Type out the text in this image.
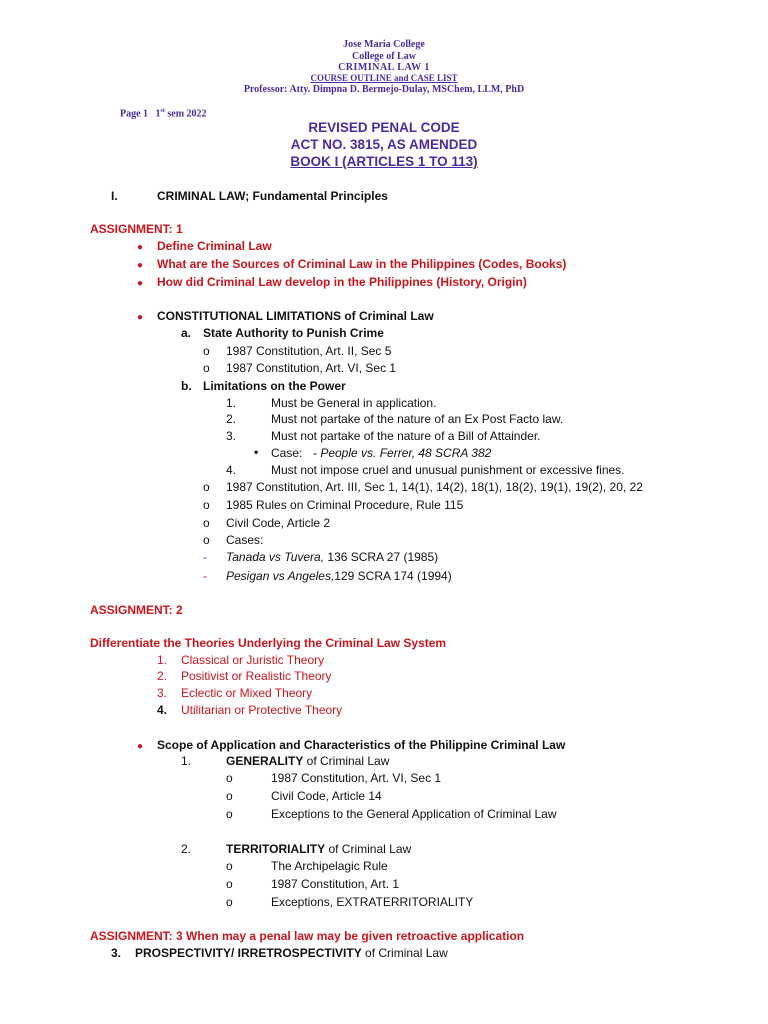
Jose Maria College
College of Law
CRIMINAL LAW 1
COURSE OUTLINE and CASE LIST
Professor: Atty. Dimpna D. Bermejo-Dulay, MSChem, LLM, PhD
Page 1 1st sem 2022
REVISED PENAL CODE
ACT NO. 3815, AS AMENDED
BOOK I (ARTICLES 1 TO 113)
I.	CRIMINAL LAW; Fundamental Principles
ASSIGNMENT: 1
● Define Criminal Law
● What are the Sources of Criminal Law in the Philippines (Codes, Books)
● How did Criminal Law develop in the Philippines (History, Origin)
● CONSTITUTIONAL LIMITATIONS of Criminal Law
a. State Authority to Punish Crime
o 1987 Constitution, Art. II, Sec 5
o 1987 Constitution, Art. VI, Sec 1
b. Limitations on the Power
1.	Must be General in application.
2.	Must not partake of the nature of an Ex Post Facto law.
3.	Must not partake of the nature of a Bill of Attainder.
• Case: - People vs. Ferrer, 48 SCRA 382
4.	Must not impose cruel and unusual punishment or excessive fines.
o 1987 Constitution, Art. III, Sec 1, 14(1), 14(2), 18(1), 18(2), 19(1), 19(2), 20, 22
o 1985 Rules on Criminal Procedure, Rule 115
o Civil Code, Article 2
o Cases:
- Tanada vs Tuvera, 136 SCRA 27 (1985)
- Pesigan vs Angeles,129 SCRA 174 (1994)
ASSIGNMENT: 2
Differentiate the Theories Underlying the Criminal Law System
1. Classical or Juristic Theory
2. Positivist or Realistic Theory
3. Eclectic or Mixed Theory
4. Utilitarian or Protective Theory
● Scope of Application and Characteristics of the Philippine Criminal Law
1.	GENERALITY of Criminal Law
o	1987 Constitution, Art. VI, Sec 1
o	Civil Code, Article 14
o	Exceptions to the General Application of Criminal Law
2.	TERRITORIALITY of Criminal Law
o	The Archipelagic Rule
o	1987 Constitution, Art. 1
o	Exceptions, EXTRATERRITORIALITY
ASSIGNMENT: 3 When may a penal law may be given retroactive application
3. PROSPECTIVITY/ IRRETROSPECTIVITY of Criminal Law
